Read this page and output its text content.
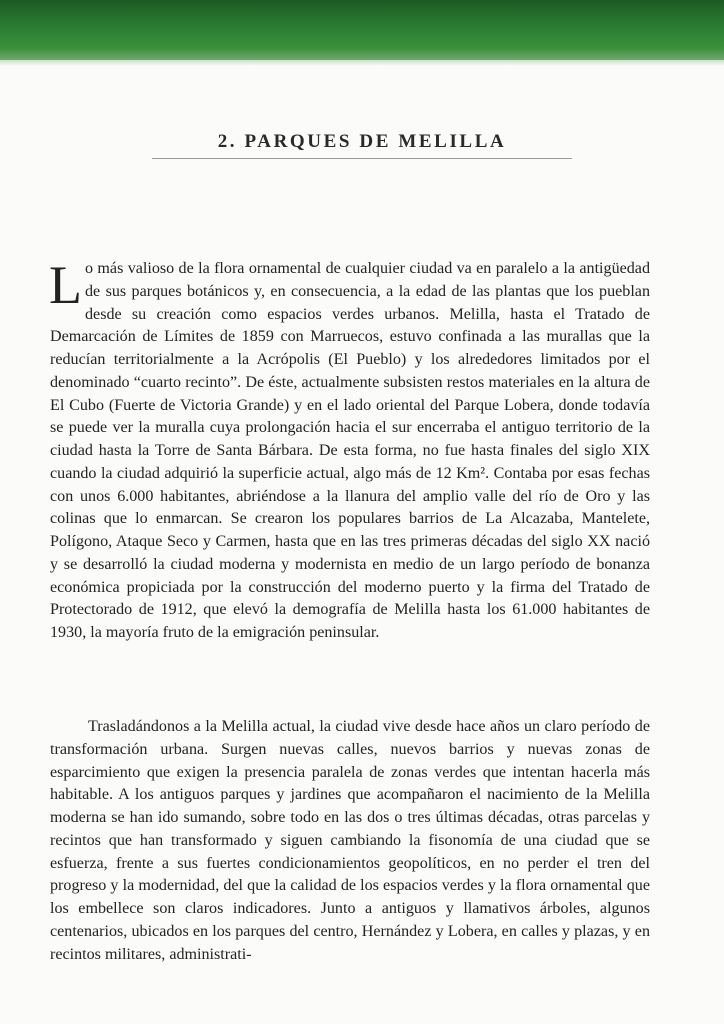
2. PARQUES DE MELILLA

Lo más valioso de la flora ornamental de cualquier ciudad va en paralelo a la antigüedad de sus parques botánicos y, en consecuencia, a la edad de las plantas que los pueblan desde su creación como espacios verdes urbanos. Melilla, hasta el Tratado de Demarcación de Límites de 1859 con Marruecos, estuvo confinada a las murallas que la reducían territorialmente a la Acrópolis (El Pueblo) y los alrededores limitados por el denominado “cuarto recinto”. De éste, actualmente subsisten restos materiales en la altura de El Cubo (Fuerte de Victoria Grande) y en el lado oriental del Parque Lobera, donde todavía se puede ver la muralla cuya prolongación hacia el sur encerraba el antiguo territorio de la ciudad hasta la Torre de Santa Bárbara. De esta forma, no fue hasta finales del siglo XIX cuando la ciudad adquirió la superficie actual, algo más de 12 Km². Contaba por esas fechas con unos 6.000 habitantes, abriéndose a la llanura del amplio valle del río de Oro y las colinas que lo enmarcan. Se crearon los populares barrios de La Alcazaba, Mantelete, Polígono, Ataque Seco y Carmen, hasta que en las tres primeras décadas del siglo XX nació y se desarrolló la ciudad moderna y modernista en medio de un largo período de bonanza económica propiciada por la construcción del moderno puerto y la firma del Tratado de Protectorado de 1912, que elevó la demografía de Melilla hasta los 61.000 habitantes de 1930, la mayoría fruto de la emigración peninsular.

Trasladándonos a la Melilla actual, la ciudad vive desde hace años un claro período de transformación urbana. Surgen nuevas calles, nuevos barrios y nuevas zonas de esparcimiento que exigen la presencia paralela de zonas verdes que intentan hacerla más habitable. A los antiguos parques y jardines que acompañaron el nacimiento de la Melilla moderna se han ido sumando, sobre todo en las dos o tres últimas décadas, otras parcelas y recintos que han transformado y siguen cambiando la fisonomía de una ciudad que se esfuerza, frente a sus fuertes condicionamientos geopolíticos, en no perder el tren del progreso y la modernidad, del que la calidad de los espacios verdes y la flora ornamental que los embellece son claros indicadores. Junto a antiguos y llamativos árboles, algunos centenarios, ubicados en los parques del centro, Hernández y Lobera, en calles y plazas, y en recintos militares, administrati-
